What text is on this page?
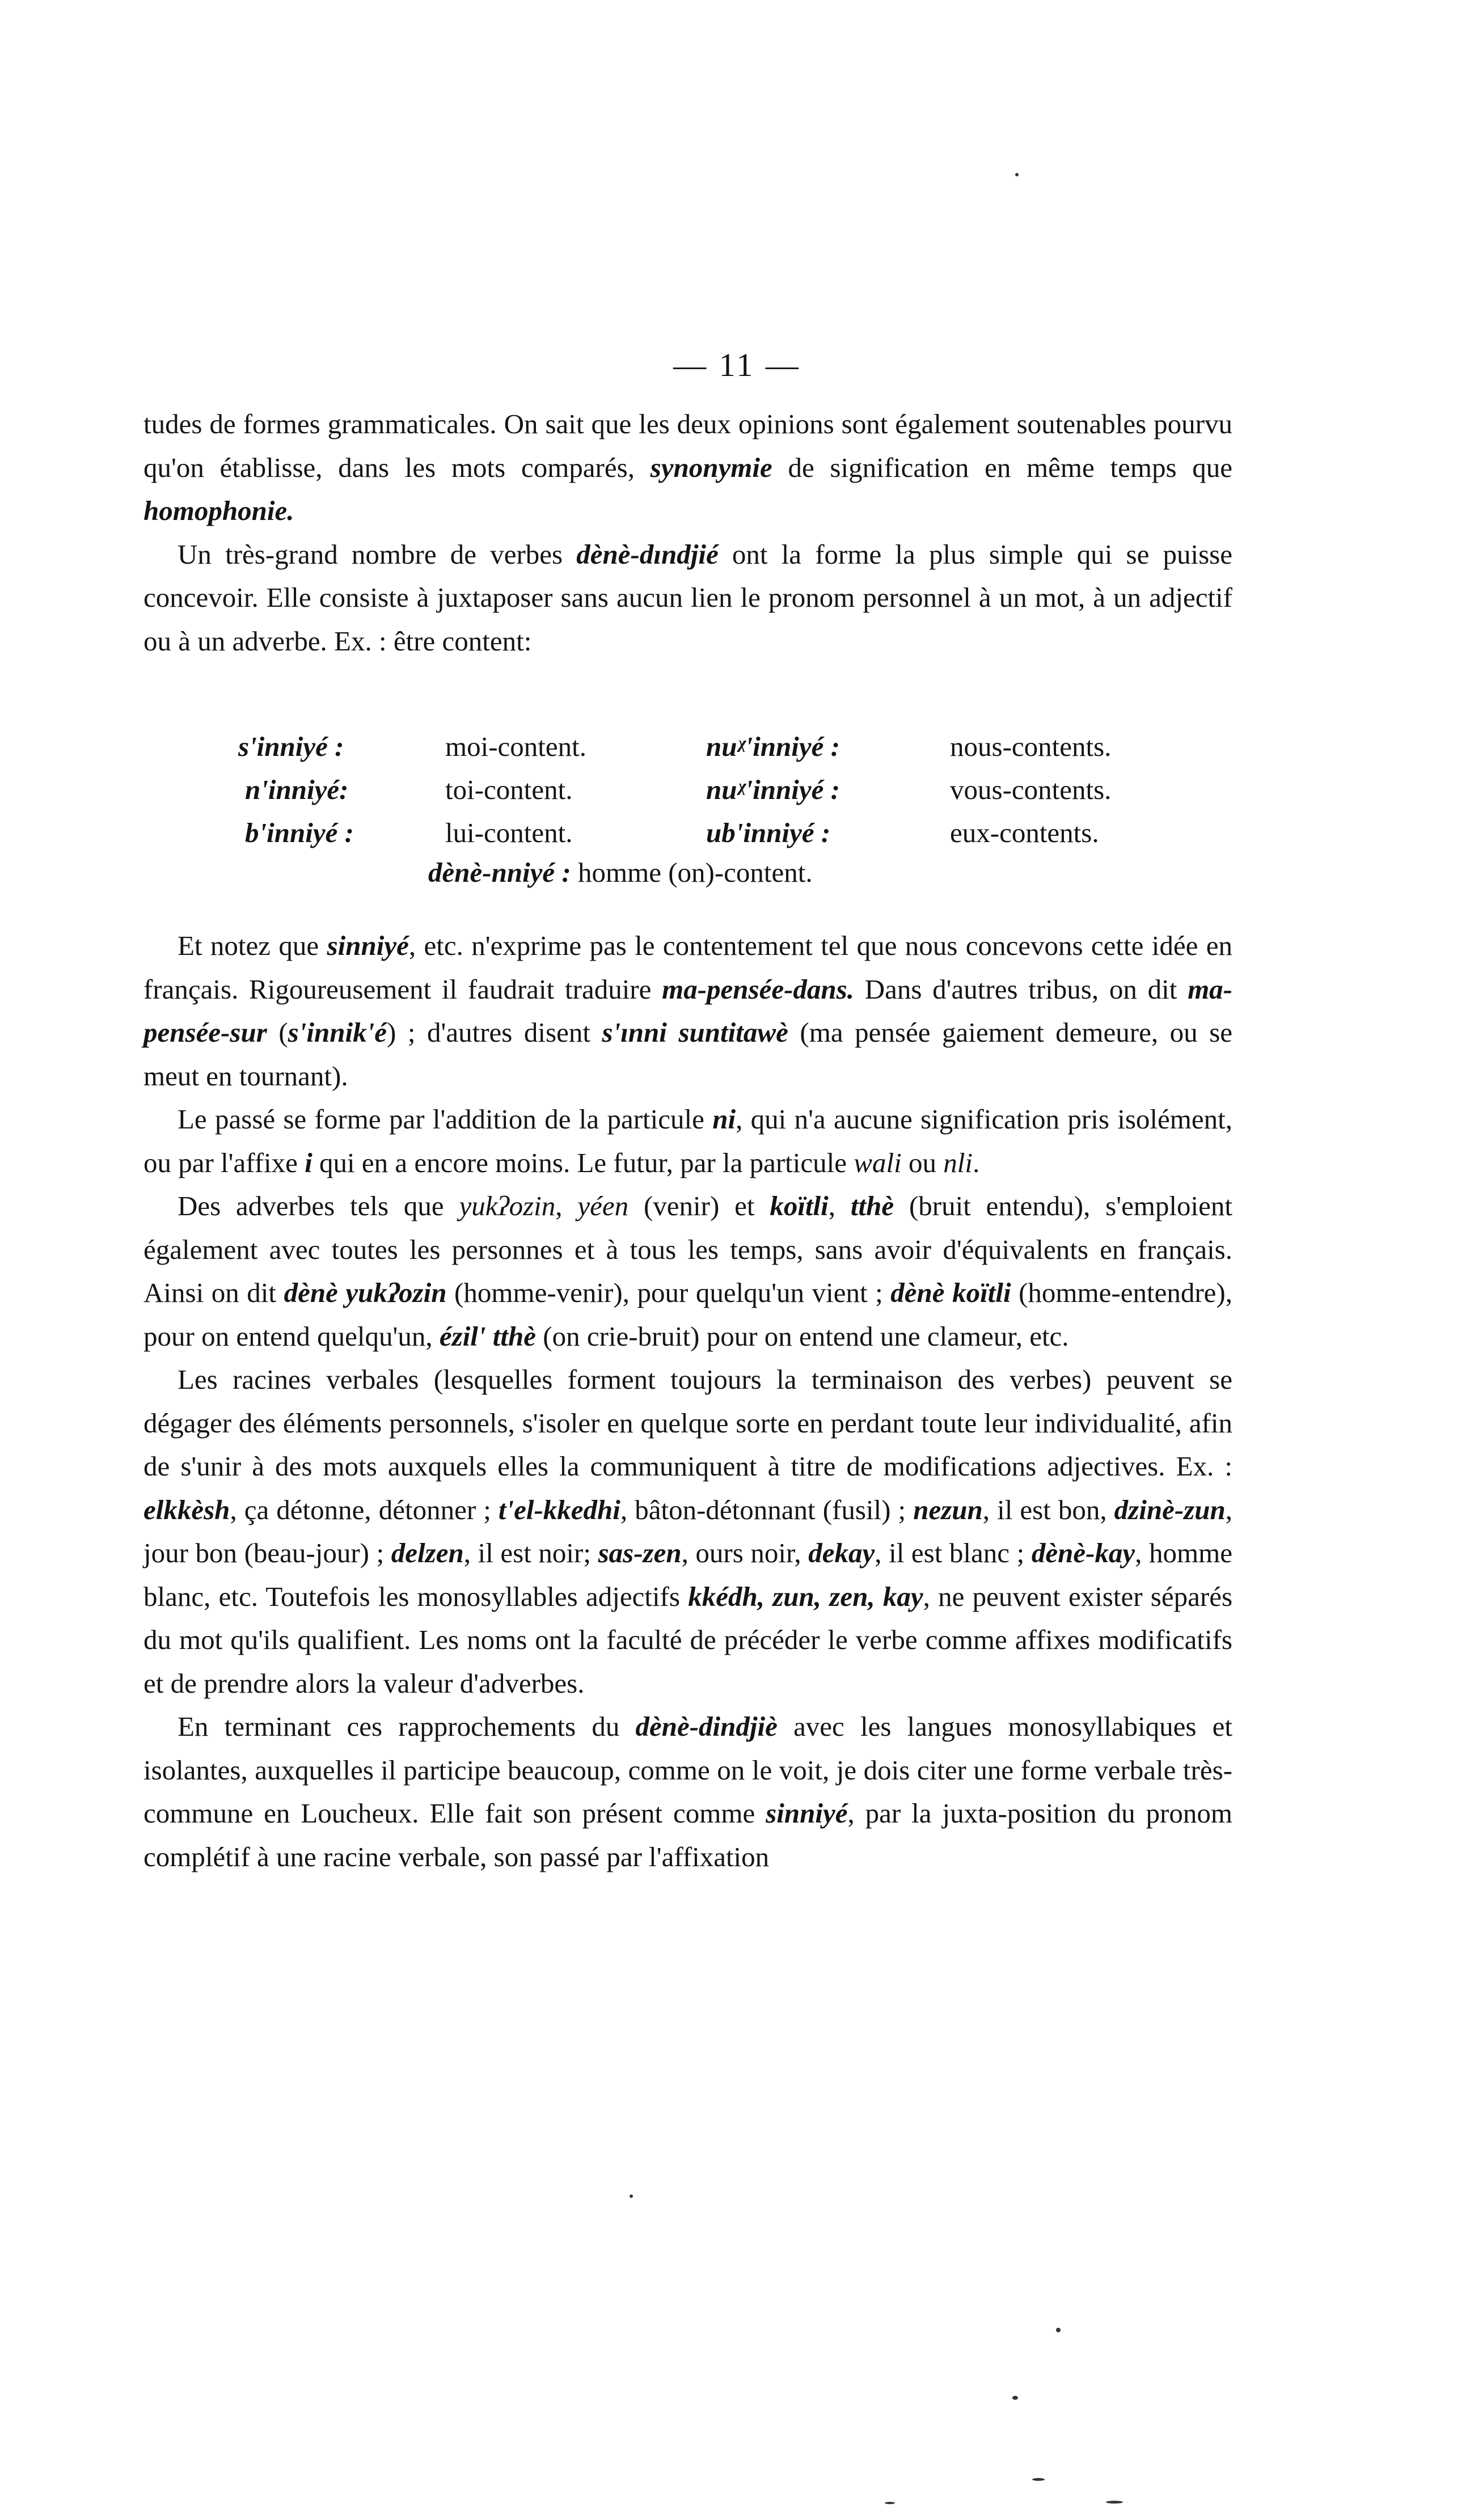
— 11 —

tudes de formes grammaticales. On sait que les deux opinions sont également soutenables pourvu qu'on établisse, dans les mots comparés, synonymie de signification en même temps que homophonie.

Un très-grand nombre de verbes dènè-dındjié ont la forme la plus simple qui se puisse concevoir. Elle consiste à juxtaposer sans aucun lien le pronom personnel à un mot, à un adjectif ou à un adverbe. Ex. : être content:

s'inniyé :	moi-content.	nuᵡ'inniyé :	nous-contents.
n'inniyé:	toi-content.	nuᵡ'inniyé :	vous-contents.
b'inniyé :	lui-content.	ub'inniyé :	eux-contents.
dènè-nniyé : homme (on)-content.

Et notez que sinniyé, etc. n'exprime pas le contentement tel que nous concevons cette idée en français. Rigoureusement il faudrait traduire ma-pensée-dans. Dans d'autres tribus, on dit ma-pensée-sur (s'innik'é) ; d'autres disent s'ınni suntitawè (ma pensée gaiement demeure, ou se meut en tournant).

Le passé se forme par l'addition de la particule ni, qui n'a aucune signification pris isolément, ou par l'affixe i qui en a encore moins. Le futur, par la particule wali ou nli.

Des adverbes tels que yukʔozin, yéen (venir) et koïtli, tthè (bruit entendu), s'emploient également avec toutes les personnes et à tous les temps, sans avoir d'équivalents en français. Ainsi on dit dènè yukʔozin (homme-venir), pour quelqu'un vient ; dènè koïtli (homme-entendre), pour on entend quelqu'un, ézil' tthè (on crie-bruit) pour on entend une clameur, etc.

Les racines verbales (lesquelles forment toujours la terminaison des verbes) peuvent se dégager des éléments personnels, s'isoler en quelque sorte en perdant toute leur individualité, afin de s'unir à des mots auxquels elles la communiquent à titre de modifications adjectives. Ex. : elkkèsh, ça détonne, détonner ; t'el-kkedhi, bâton-détonnant (fusil) ; nezun, il est bon, dzinè-zun, jour bon (beau-jour) ; delzen, il est noir; sas-zen, ours noir, dekay, il est blanc ; dènè-kay, homme blanc, etc. Toutefois les monosyllables adjectifs kkédh, zun, zen, kay, ne peuvent exister séparés du mot qu'ils qualifient. Les noms ont la faculté de précéder le verbe comme affixes modificatifs et de prendre alors la valeur d'adverbes.

En terminant ces rapprochements du dènè-dindjiè avec les langues monosyllabiques et isolantes, auxquelles il participe beaucoup, comme on le voit, je dois citer une forme verbale très-commune en Loucheux. Elle fait son présent comme sinniyé, par la juxta-position du pronom complétif à une racine verbale, son passé par l'affixation
